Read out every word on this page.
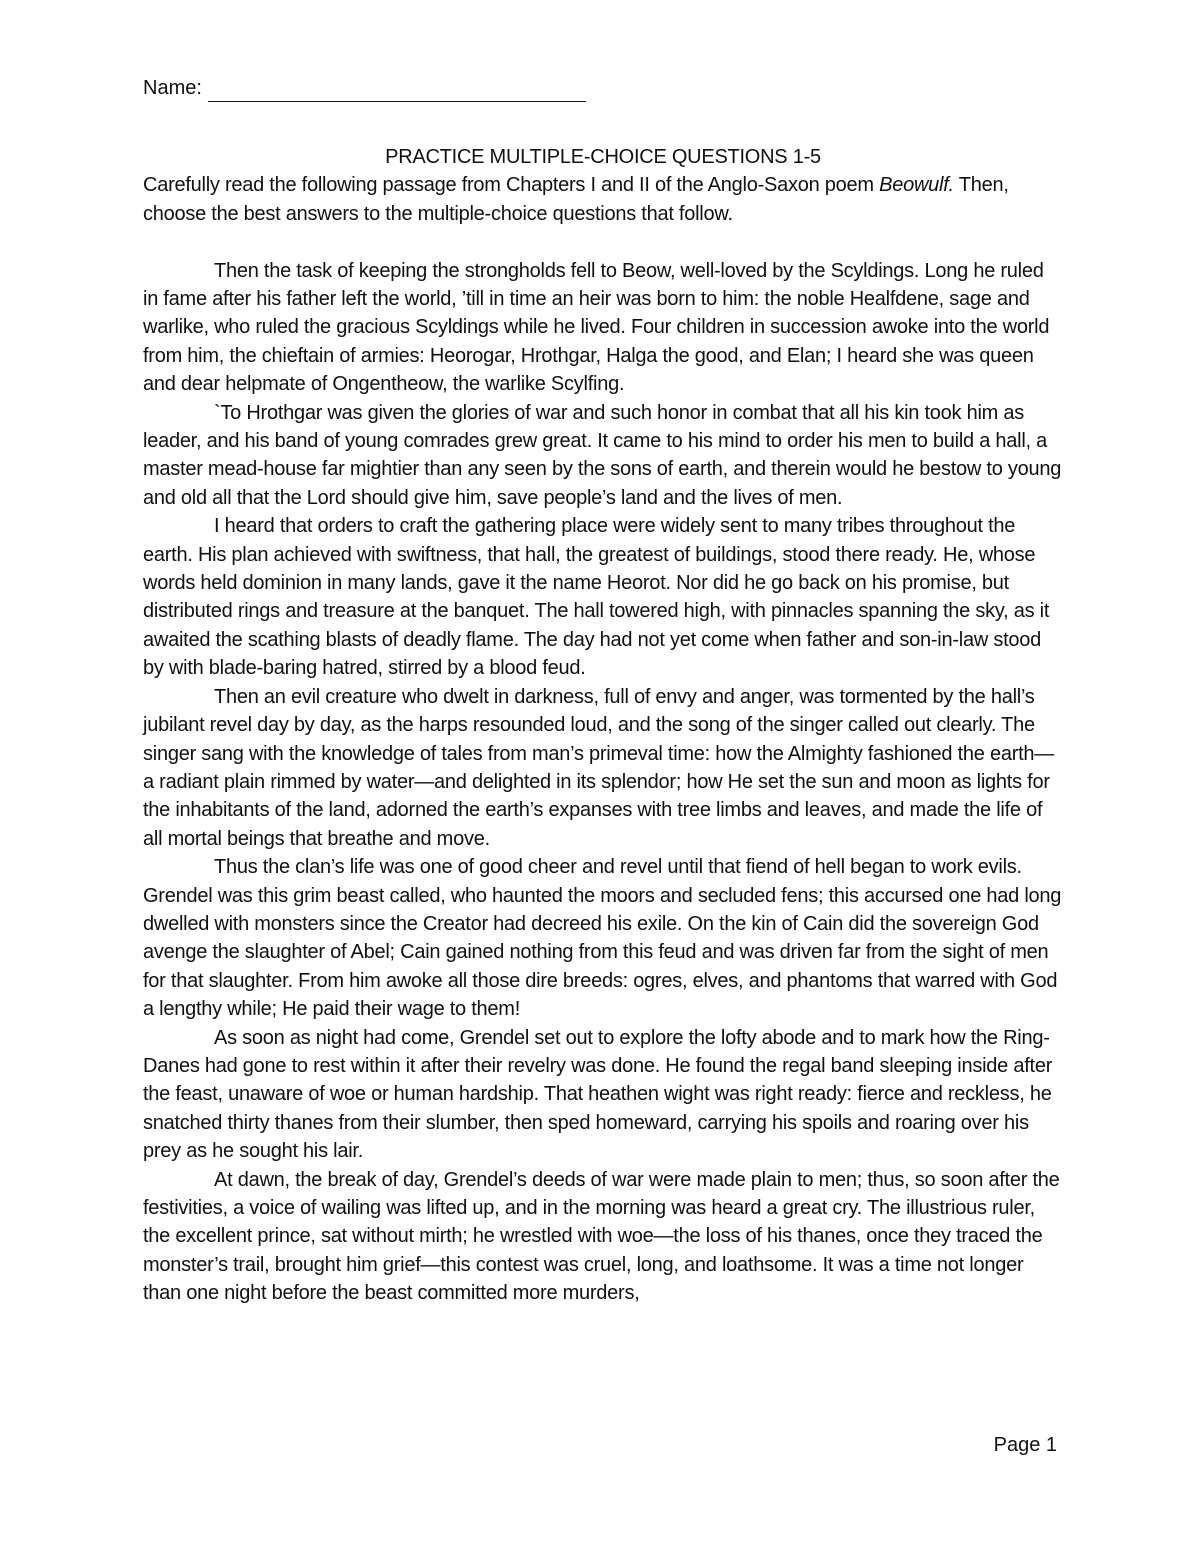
Name:

PRACTICE MULTIPLE-CHOICE QUESTIONS 1-5

Carefully read the following passage from Chapters I and II of the Anglo-Saxon poem Beowulf. Then, choose the best answers to the multiple-choice questions that follow.

Then the task of keeping the strongholds fell to Beow, well-loved by the Scyldings. Long he ruled in fame after his father left the world, ’till in time an heir was born to him: the noble Healfdene, sage and warlike, who ruled the gracious Scyldings while he lived. Four children in succession awoke into the world from him, the chieftain of armies: Heorogar, Hrothgar, Halga the good, and Elan; I heard she was queen and dear helpmate of Ongentheow, the warlike Scylfing.

`To Hrothgar was given the glories of war and such honor in combat that all his kin took him as leader, and his band of young comrades grew great. It came to his mind to order his men to build a hall, a master mead-house far mightier than any seen by the sons of earth, and therein would he bestow to young and old all that the Lord should give him, save people’s land and the lives of men.

I heard that orders to craft the gathering place were widely sent to many tribes throughout the earth. His plan achieved with swiftness, that hall, the greatest of buildings, stood there ready. He, whose words held dominion in many lands, gave it the name Heorot. Nor did he go back on his promise, but distributed rings and treasure at the banquet. The hall towered high, with pinnacles spanning the sky, as it awaited the scathing blasts of deadly flame. The day had not yet come when father and son-in-law stood by with blade-baring hatred, stirred by a blood feud.

Then an evil creature who dwelt in darkness, full of envy and anger, was tormented by the hall’s jubilant revel day by day, as the harps resounded loud, and the song of the singer called out clearly. The singer sang with the knowledge of tales from man’s primeval time: how the Almighty fashioned the earth—a radiant plain rimmed by water—and delighted in its splendor; how He set the sun and moon as lights for the inhabitants of the land, adorned the earth’s expanses with tree limbs and leaves, and made the life of all mortal beings that breathe and move.

Thus the clan’s life was one of good cheer and revel until that fiend of hell began to work evils. Grendel was this grim beast called, who haunted the moors and secluded fens; this accursed one had long dwelled with monsters since the Creator had decreed his exile. On the kin of Cain did the sovereign God avenge the slaughter of Abel; Cain gained nothing from this feud and was driven far from the sight of men for that slaughter. From him awoke all those dire breeds: ogres, elves, and phantoms that warred with God a lengthy while; He paid their wage to them!

As soon as night had come, Grendel set out to explore the lofty abode and to mark how the Ring-Danes had gone to rest within it after their revelry was done. He found the regal band sleeping inside after the feast, unaware of woe or human hardship. That heathen wight was right ready: fierce and reckless, he snatched thirty thanes from their slumber, then sped homeward, carrying his spoils and roaring over his prey as he sought his lair.

At dawn, the break of day, Grendel’s deeds of war were made plain to men; thus, so soon after the festivities, a voice of wailing was lifted up, and in the morning was heard a great cry. The illustrious ruler, the excellent prince, sat without mirth; he wrestled with woe—the loss of his thanes, once they traced the monster’s trail, brought him grief—this contest was cruel, long, and loathsome. It was a time not longer than one night before the beast committed more murders,

Page 1
